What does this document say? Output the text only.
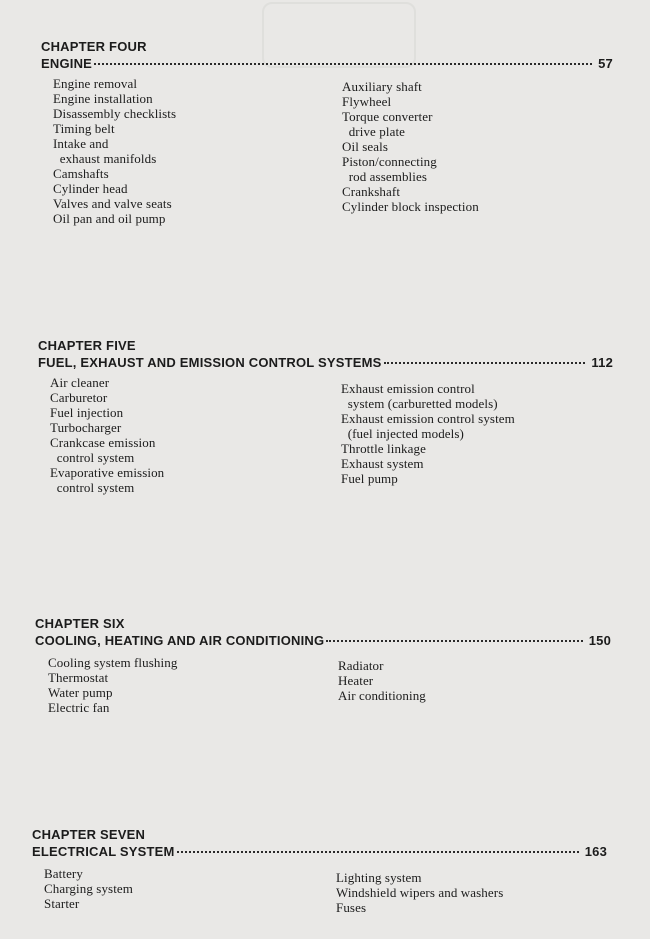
CHAPTER FOUR
ENGINE	57
Engine removal
Engine installation
Disassembly checklists
Timing belt
Intake and
exhaust manifolds
Camshafts
Cylinder head
Valves and valve seats
Oil pan and oil pump
Auxiliary shaft
Flywheel
Torque converter
drive plate
Oil seals
Piston/connecting
rod assemblies
Crankshaft
Cylinder block inspection
CHAPTER FIVE
FUEL, EXHAUST AND EMISSION CONTROL SYSTEMS	112
Air cleaner
Carburetor
Fuel injection
Turbocharger
Crankcase emission
control system
Evaporative emission
control system
Exhaust emission control
system (carburetted models)
Exhaust emission control system
(fuel injected models)
Throttle linkage
Exhaust system
Fuel pump
CHAPTER SIX
COOLING, HEATING AND AIR CONDITIONING	150
Cooling system flushing
Thermostat
Water pump
Electric fan
Radiator
Heater
Air conditioning
CHAPTER SEVEN
ELECTRICAL SYSTEM	163
Battery
Charging system
Starter
Lighting system
Windshield wipers and washers
Fuses
